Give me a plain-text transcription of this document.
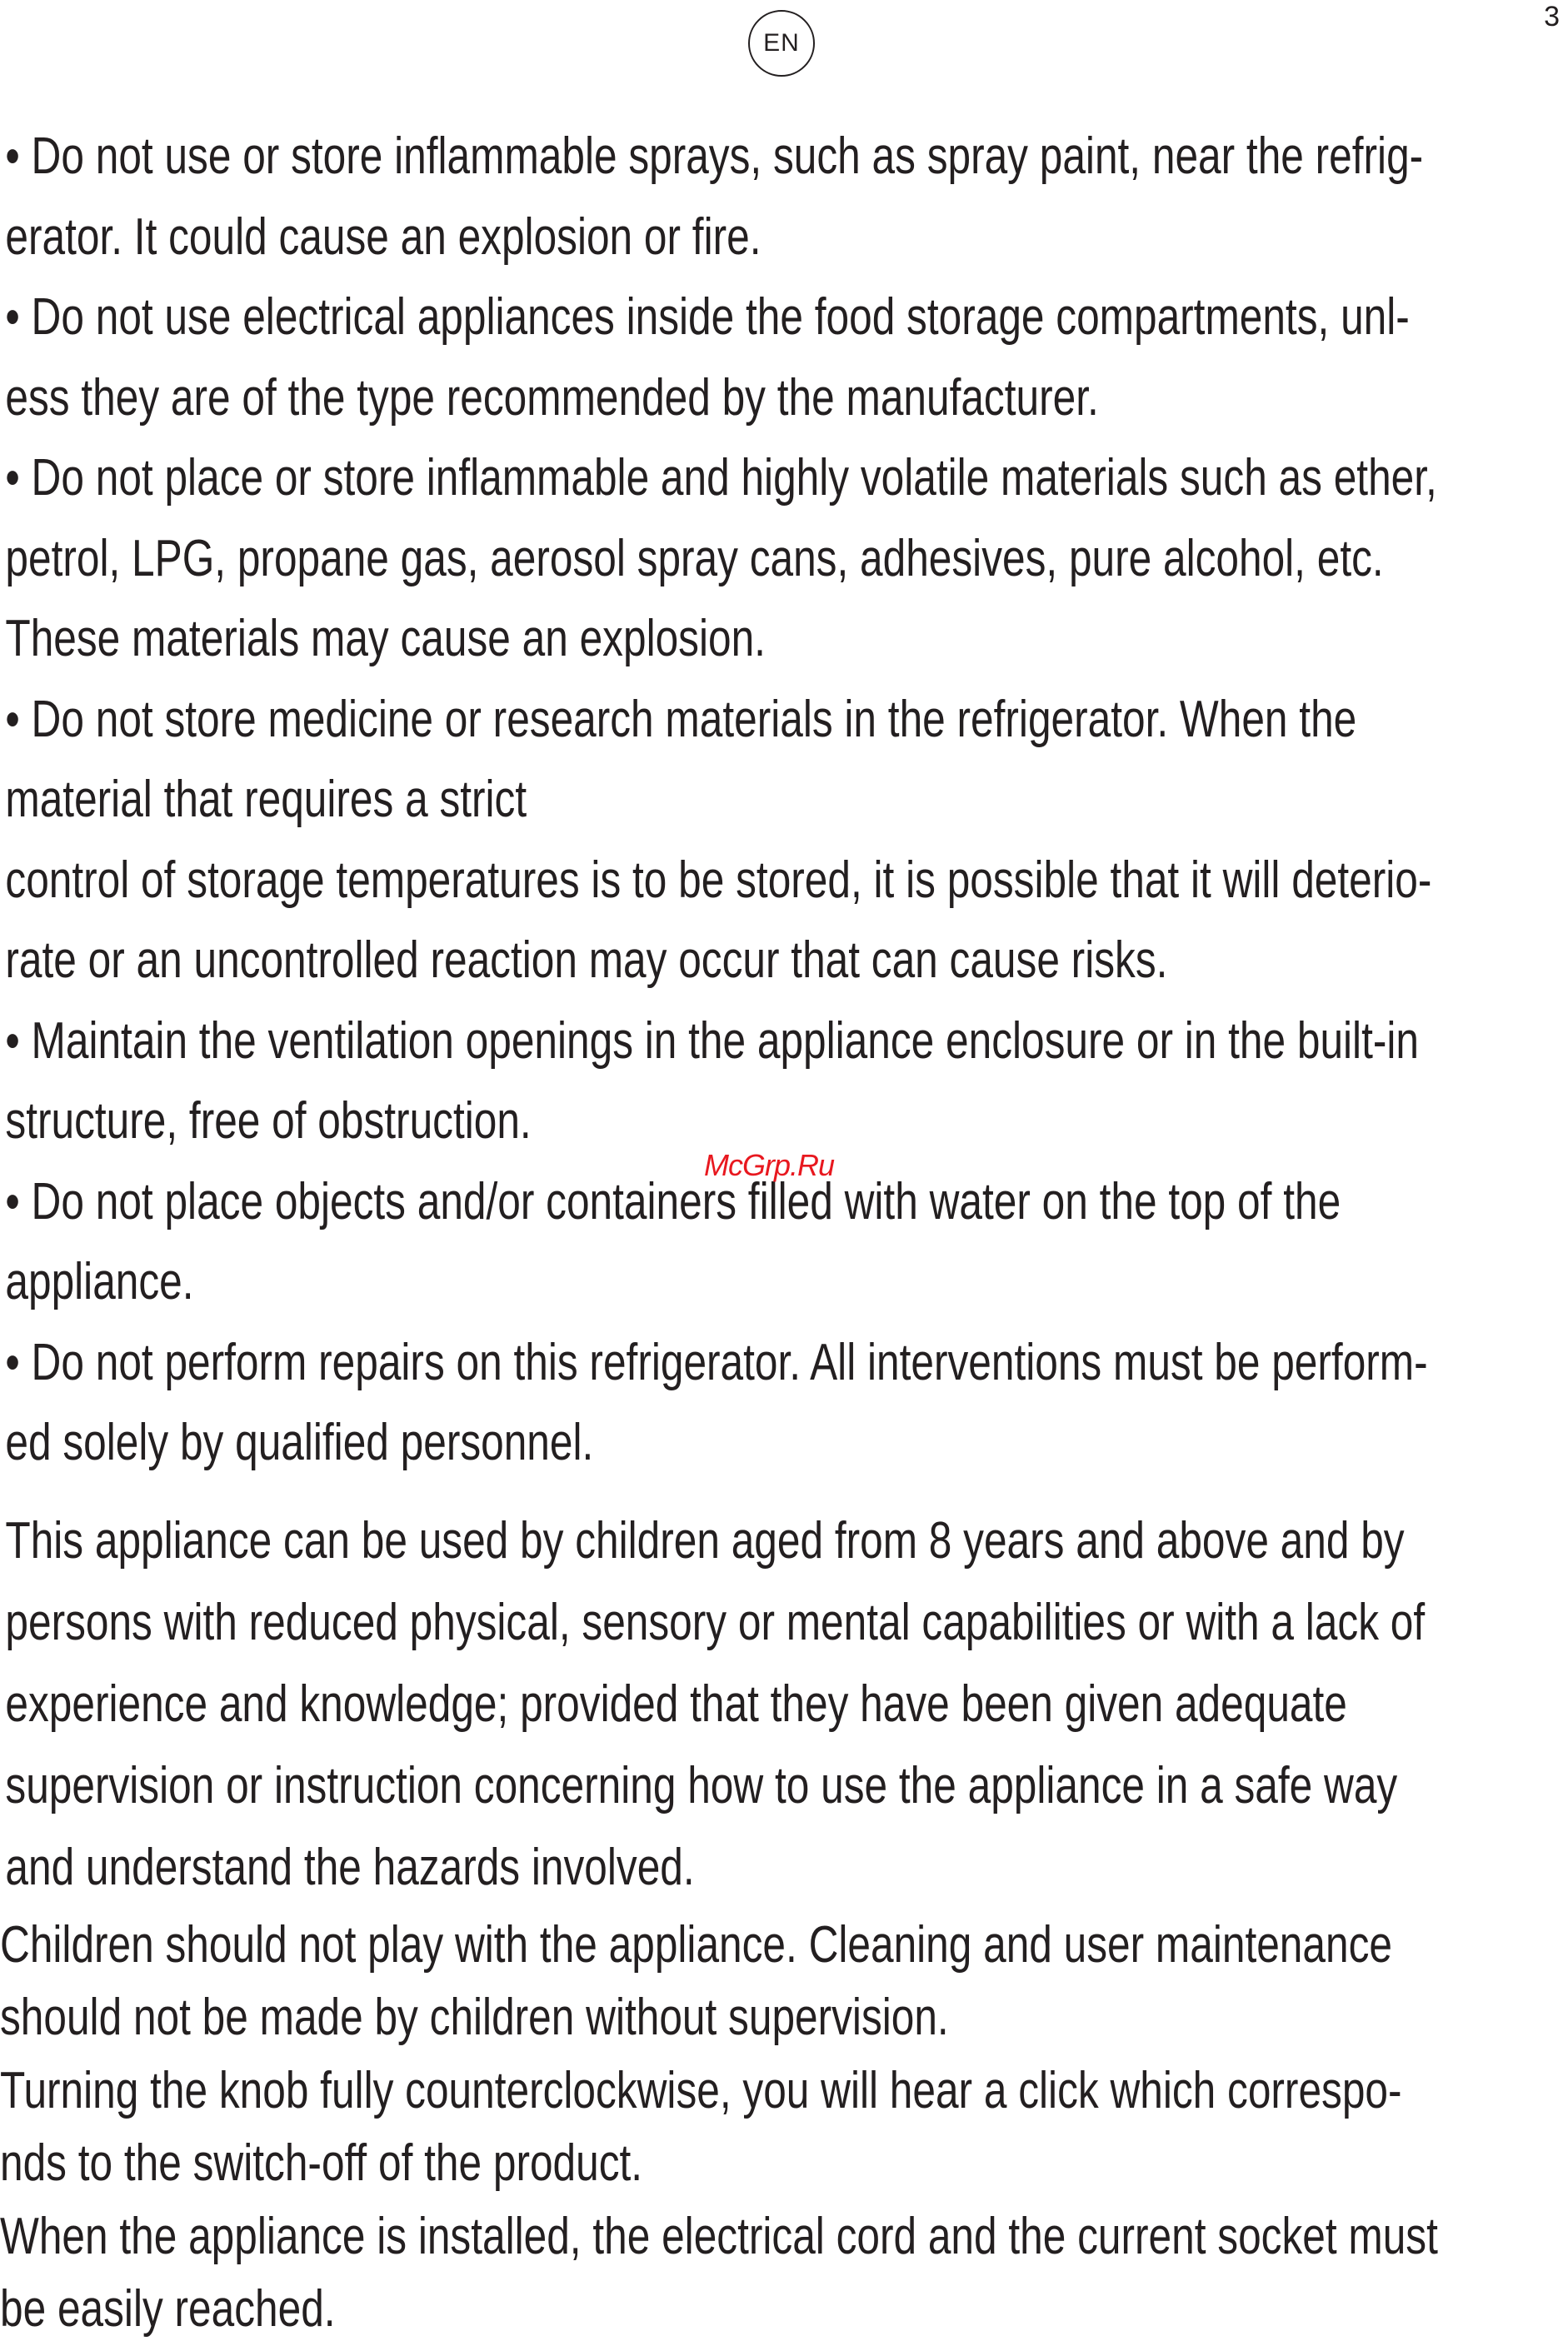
3
EN
• Do not use or store inflammable sprays, such as spray paint, near the refrig-
erator. It could cause an explosion or fire.
• Do not use electrical appliances inside the food storage compartments, unl-
ess they are of the type recommended by the manufacturer.
• Do not place or store inflammable and highly volatile materials such as ether,
petrol, LPG, propane gas, aerosol spray cans, adhesives, pure alcohol, etc.
These materials may cause an explosion.
• Do not store medicine or research materials in the refrigerator. When the
material that requires a strict
control of storage temperatures is to be stored, it is possible that it will deterio-
rate or an uncontrolled reaction may occur that can cause risks.
• Maintain the ventilation openings in the appliance enclosure or in the built-in
structure, free of obstruction.
• Do not place objects and/or containers filled with water on the top of the
appliance.
• Do not perform repairs on this refrigerator. All interventions must be perform-
ed solely by qualified personnel.
This appliance can be used by children aged from 8 years and above and by
persons with reduced physical, sensory or mental capabilities or with a lack of
experience and knowledge; provided that they have been given adequate
supervision or instruction concerning how to use the appliance in a safe way
and understand the hazards involved.
Children should not play with the appliance. Cleaning and user maintenance
should not be made by children without supervision.
Turning the knob fully counterclockwise, you will hear a click which correspo-
nds to the switch-off of the product.
When the appliance is installed, the electrical cord and the current socket must
be easily reached.
McGrp.Ru
